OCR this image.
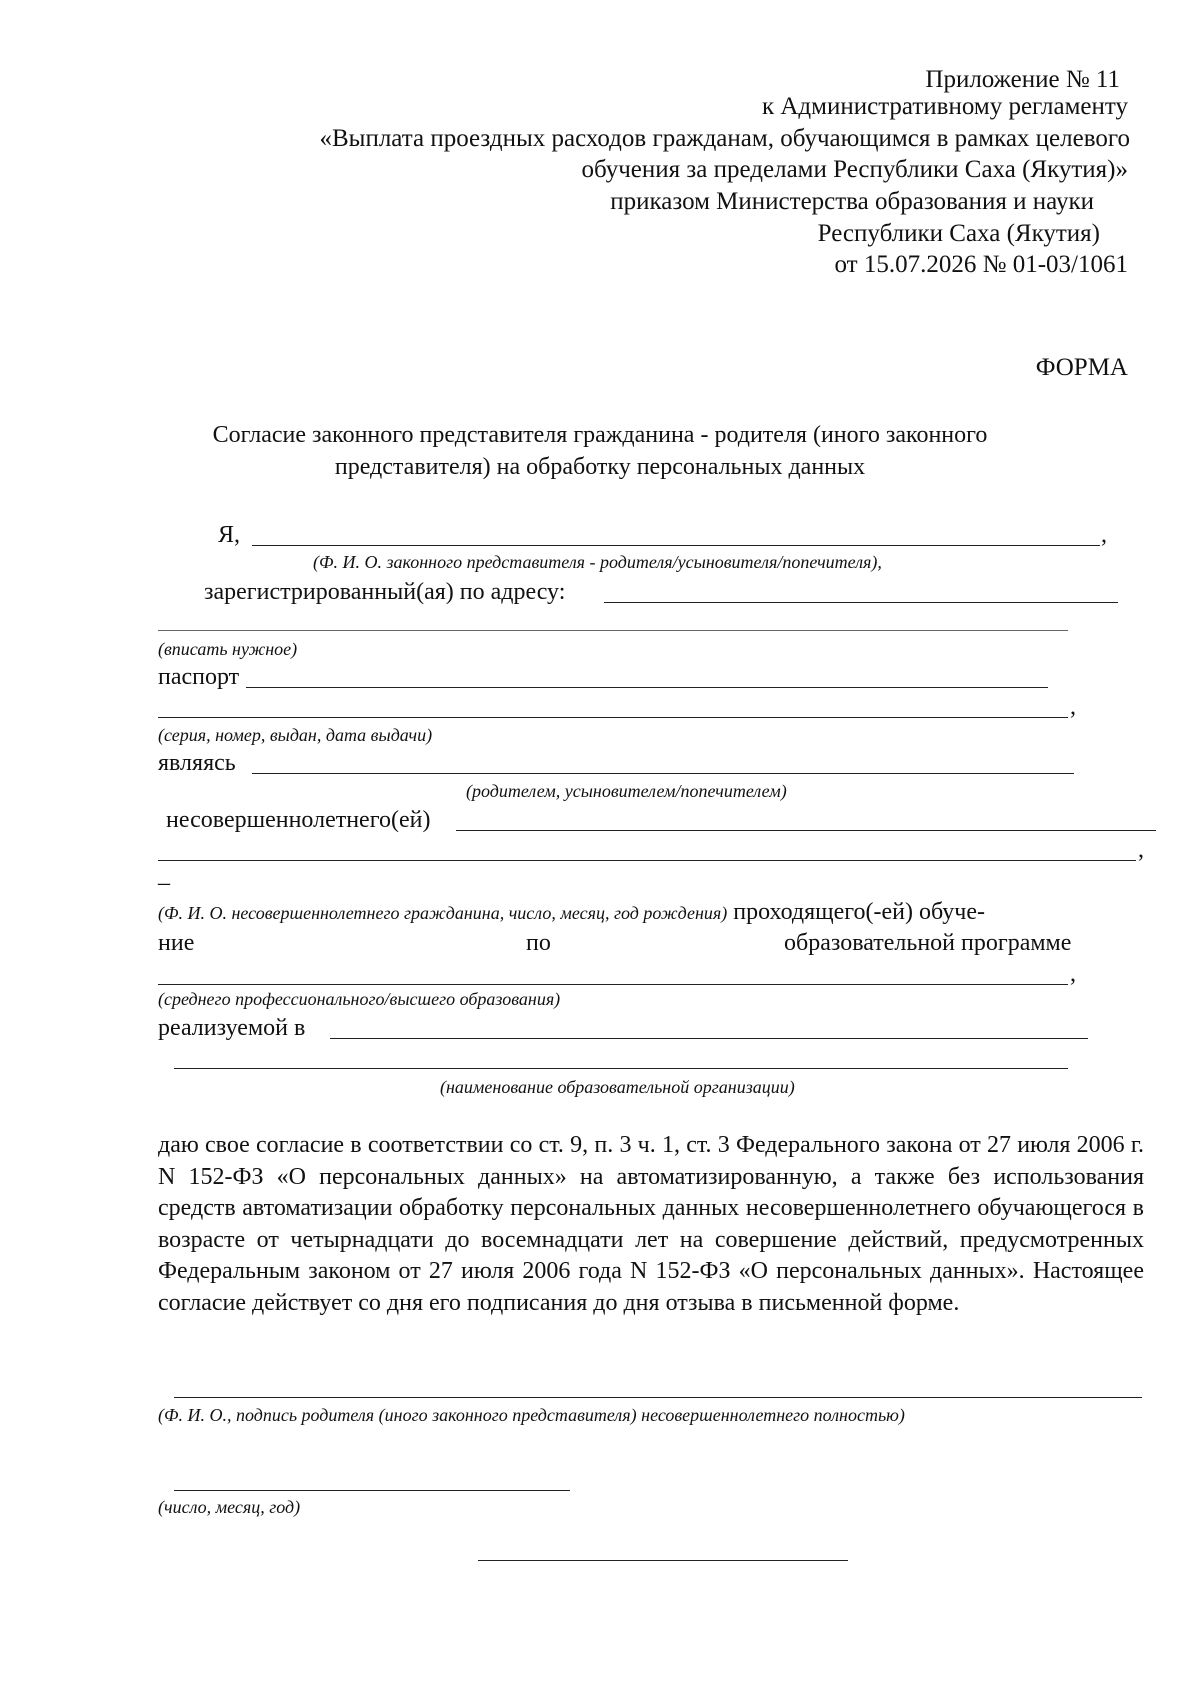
Приложение № 11
к Административному регламенту
«Выплата проездных расходов гражданам, обучающимся в рамках целевого
обучения за пределами Республики Саха (Якутия)»
приказом Министерства образования и науки
Республики Саха (Якутия)
от 15.07.2026 № 01-03/1061
ФОРМА
Согласие законного представителя гражданина - родителя (иного законного
представителя) на обработку персональных данных
Я,	,
(Ф. И. О. законного представителя - родителя/усыновителя/попечителя),
зарегистрированный(ая) по адресу:
(вписать нужное)
паспорт
,
(серия, номер, выдан, дата выдачи)
являясь
(родителем, усыновителем/попечителем)
несовершеннолетнего(ей)
,
_
(Ф. И. О. несовершеннолетнего гражданина, число, месяц, год рождения) проходящего(-ей) обуче-
ние	по	образовательной программе
,
(среднего профессионального/высшего образования)
реализуемой в
(наименование образовательной организации)
даю свое согласие в соответствии со ст. 9, п. 3 ч. 1, ст. 3 Федерального закона от 27 июля 2006 г. N 152-ФЗ «О персональных данных» на автоматизированную, а также без использования средств автоматизации обработку персональных данных несовершеннолетнего обучающегося в возрасте от четырнадцати до восемнадцати лет на совершение действий, предусмотренных Федеральным законом от 27 июля 2006 года N 152-ФЗ «О персональных данных». Настоящее согласие действует со дня его подписания до дня отзыва в письменной форме.
(Ф. И. О., подпись родителя (иного законного представителя) несовершеннолетнего полностью)
(число, месяц, год)
